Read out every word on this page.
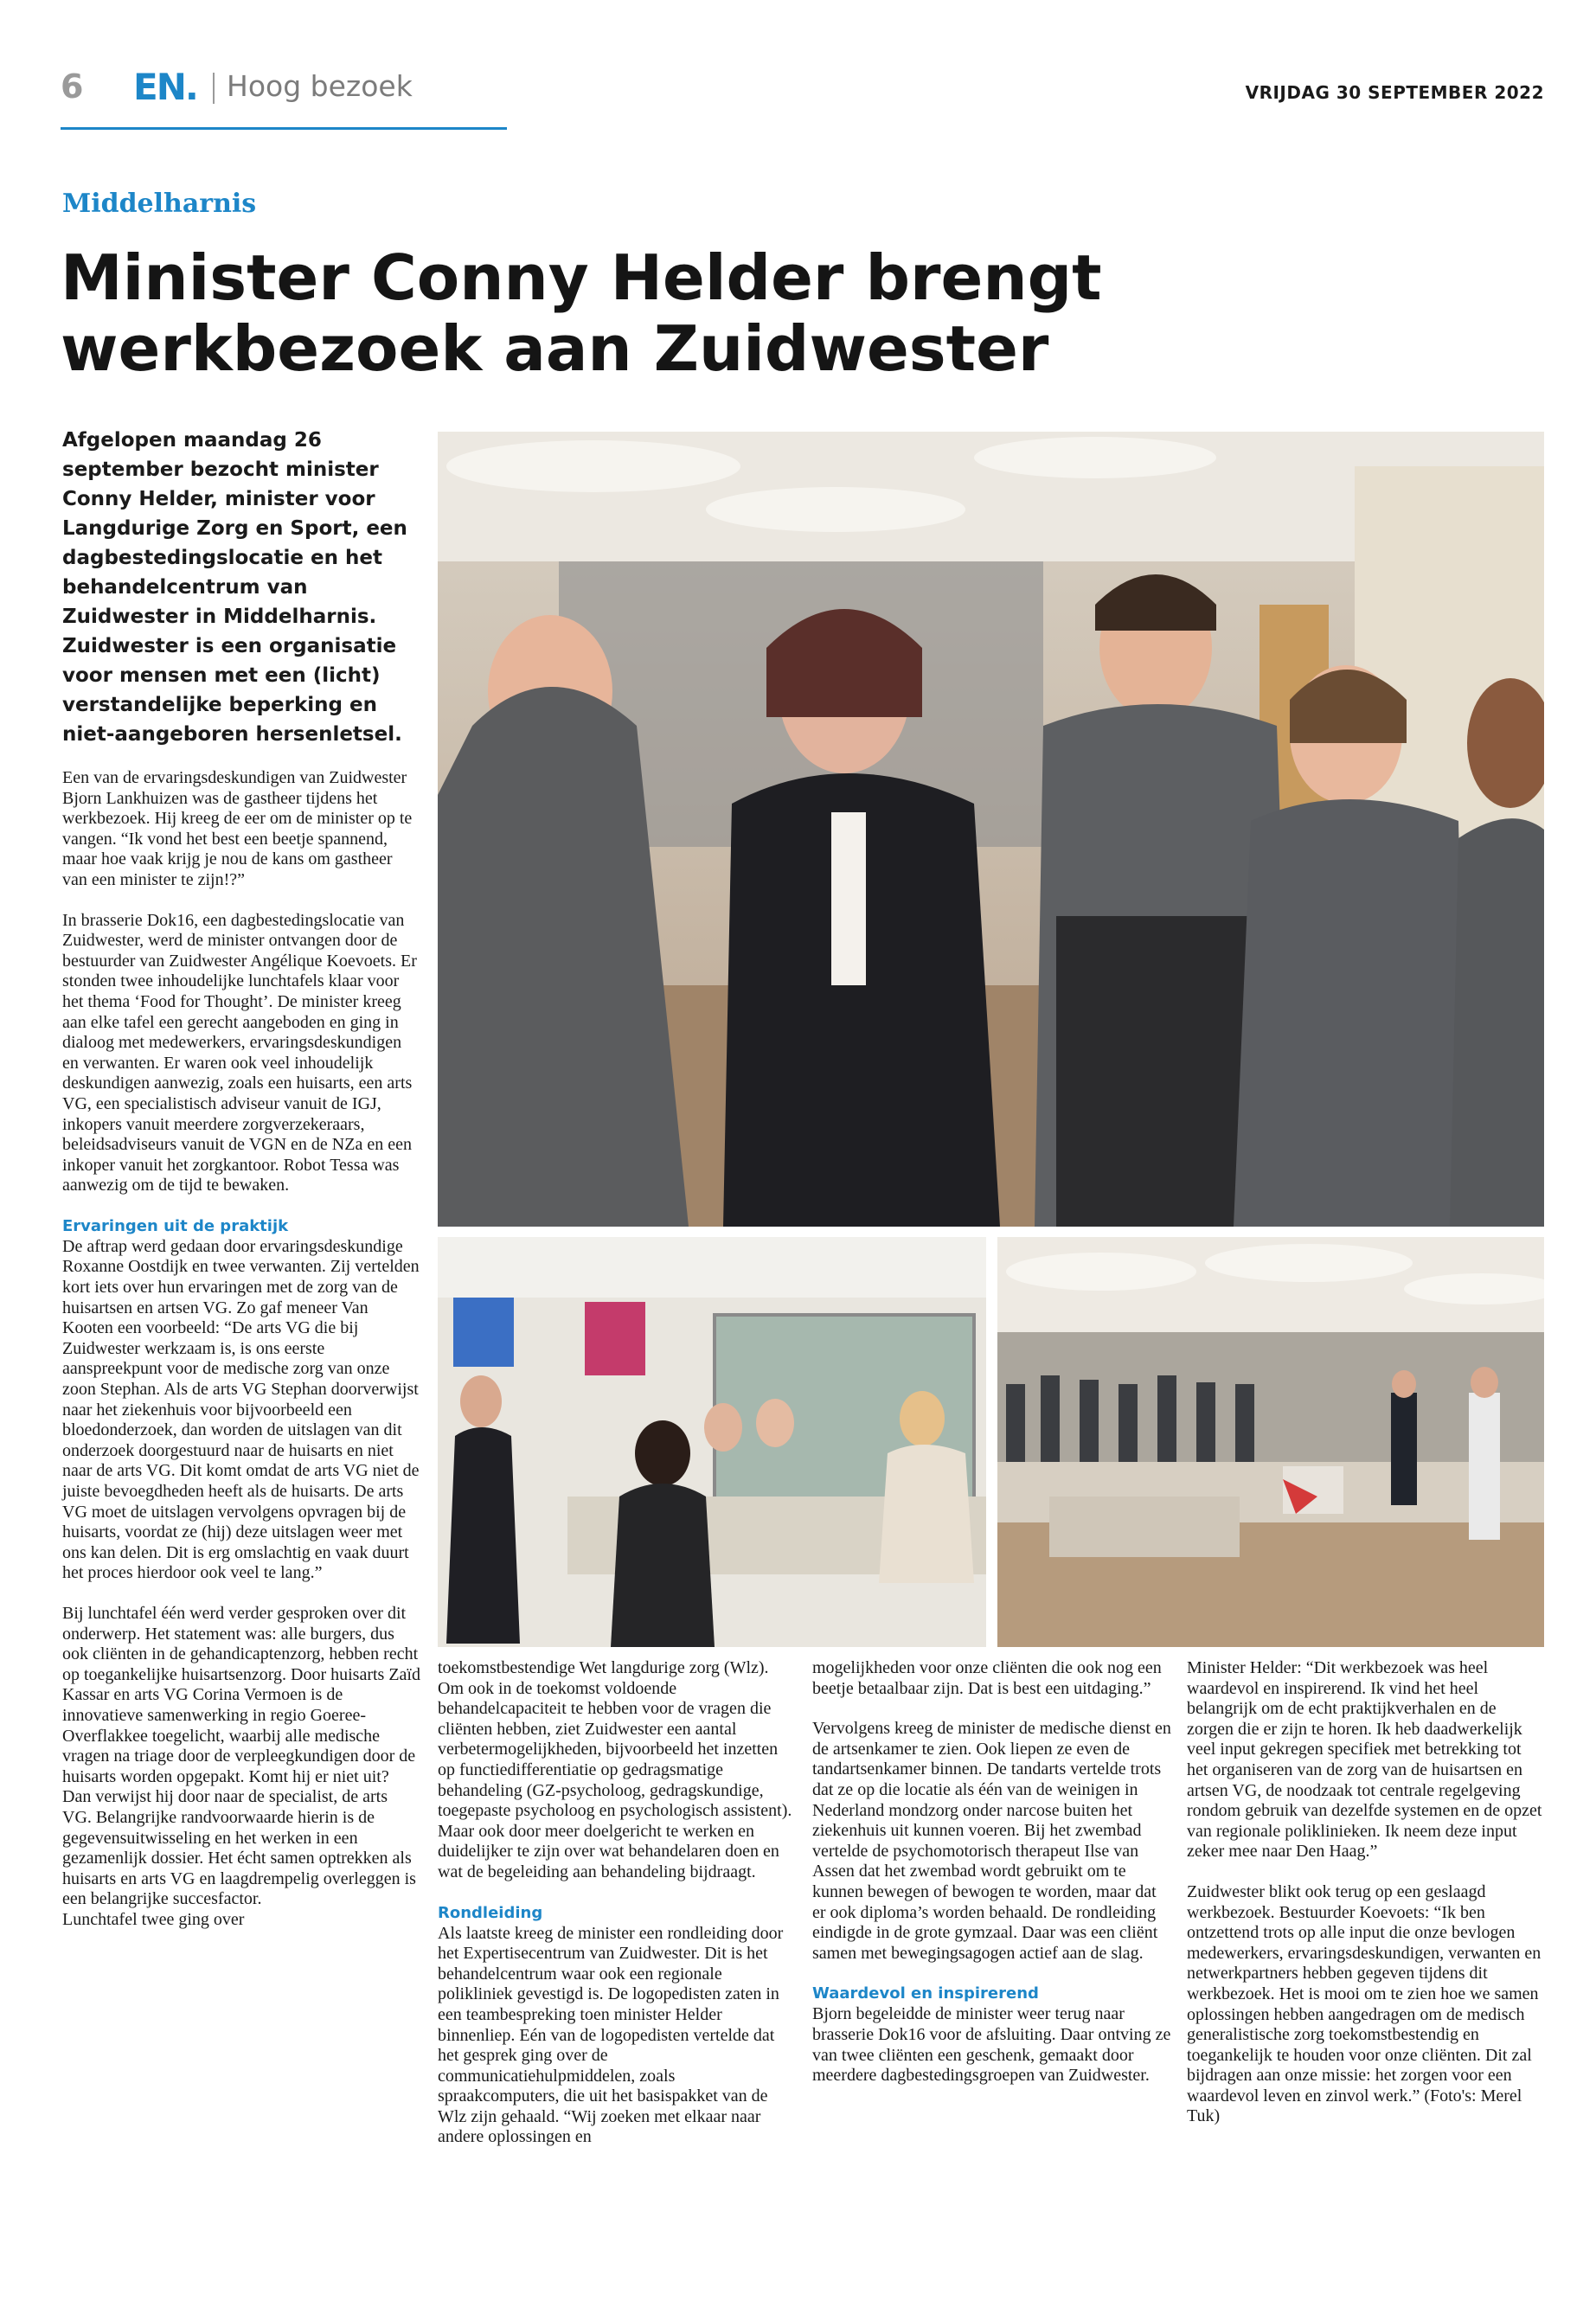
6 EN. Hoog bezoek	VRIJDAG 30 SEPTEMBER 2022
Middelharnis
Minister Conny Helder brengt werkbezoek aan Zuidwester

Afgelopen maandag 26 september bezocht minister Conny Helder, minister voor Langdurige Zorg en Sport, een dagbestedingslocatie en het behandelcentrum van Zuidwester in Middelharnis. Zuidwester is een organisatie voor mensen met een (licht) verstandelijke beperking en niet-aangeboren hersenletsel.

Een van de ervaringsdeskundigen van Zuidwester Bjorn Lankhuizen was de gastheer tijdens het werkbezoek. Hij kreeg de eer om de minister op te vangen. “Ik vond het best een beetje spannend, maar hoe vaak krijg je nou de kans om gastheer van een minister te zijn!?”

In brasserie Dok16, een dagbestedingslocatie van Zuidwester, werd de minister ontvangen door de bestuurder van Zuidwester Angélique Koevoets. Er stonden twee inhoudelijke lunchtafels klaar voor het thema ‘Food for Thought’. De minister kreeg aan elke tafel een gerecht aangeboden en ging in dialoog met medewerkers, ervaringsdeskundigen en verwanten. Er waren ook veel inhoudelijk deskundigen aanwezig, zoals een huisarts, een arts VG, een specialistisch adviseur vanuit de IGJ, inkopers vanuit meerdere zorgverzekeraars, beleidsadviseurs vanuit de VGN en de NZa en een inkoper vanuit het zorgkantoor. Robot Tessa was aanwezig om de tijd te bewaken.

Ervaringen uit de praktijk

De aftrap werd gedaan door ervaringsdeskundige Roxanne Oostdijk en twee verwanten. Zij vertelden kort iets over hun ervaringen met de zorg van de huisartsen en artsen VG. Zo gaf meneer Van Kooten een voorbeeld: “De arts VG die bij Zuidwester werkzaam is, is ons eerste aanspreekpunt voor de medische zorg van onze zoon Stephan. Als de arts VG Stephan doorverwijst naar het ziekenhuis voor bijvoorbeeld een bloedonderzoek, dan worden de uitslagen van dit onderzoek doorgestuurd naar de huisarts en niet naar de arts VG. Dit komt omdat de arts VG niet de juiste bevoegdheden heeft als de huisarts. De arts VG moet de uitslagen vervolgens opvragen bij de huisarts, voordat ze (hij) deze uitslagen weer met ons kan delen. Dit is erg omslachtig en vaak duurt het proces hierdoor ook veel te lang.”

Bij lunchtafel één werd verder gesproken over dit onderwerp. Het statement was: alle burgers, dus ook cliënten in de gehandicaptenzorg, hebben recht op toegankelijke huisartsenzorg. Door huisarts Zaïd Kassar en arts VG Corina Vermoen is de innovatieve samenwerking in regio Goeree-Overflakkee toegelicht, waarbij alle medische vragen na triage door de verpleegkundigen door de huisarts worden opgepakt. Komt hij er niet uit? Dan verwijst hij door naar de specialist, de arts VG. Belangrijke randvoorwaarde hierin is de gegevensuitwisseling en het werken in een gezamenlijk dossier. Het écht samen optrekken als huisarts en arts VG en laagdrempelig overleggen is een belangrijke succesfactor.

Lunchtafel twee ging over

toekomstbestendige Wet langdurige zorg (Wlz). Om ook in de toekomst voldoende behandelcapaciteit te hebben voor de vragen die cliënten hebben, ziet Zuidwester een aantal verbetermogelijkheden, bijvoorbeeld het inzetten op functiedifferentiatie op gedragsmatige behandeling (GZ-psycholoog, gedragskundige, toegepaste psycholoog en psychologisch assistent). Maar ook door meer doelgericht te werken en duidelijker te zijn over wat behandelaren doen en wat de begeleiding aan behandeling bijdraagt.

Rondleiding

Als laatste kreeg de minister een rondleiding door het Expertisecentrum van Zuidwester. Dit is het behandelcentrum waar ook een regionale polikliniek gevestigd is. De logopedisten zaten in een teambespreking toen minister Helder binnenliep. Eén van de logopedisten vertelde dat het gesprek ging over de communicatiehulpmiddelen, zoals spraakcomputers, die uit het basispakket van de Wlz zijn gehaald. “Wij zoeken met elkaar naar andere oplossingen en

mogelijkheden voor onze cliënten die ook nog een beetje betaalbaar zijn. Dat is best een uitdaging.”

Vervolgens kreeg de minister de medische dienst en de artsenkamer te zien. Ook liepen ze even de tandartsenkamer binnen. De tandarts vertelde trots dat ze op die locatie als één van de weinigen in Nederland mondzorg onder narcose buiten het ziekenhuis uit kunnen voeren. Bij het zwembad vertelde de psychomotorisch therapeut Ilse van Assen dat het zwembad wordt gebruikt om te kunnen bewegen of bewogen te worden, maar dat er ook diploma’s worden behaald. De rondleiding eindigde in de grote gymzaal. Daar was een cliënt samen met bewegingsagogen actief aan de slag.

Waardevol en inspirerend

Bjorn begeleidde de minister weer terug naar brasserie Dok16 voor de afsluiting. Daar ontving ze van twee cliënten een geschenk, gemaakt door meerdere dagbestedingsgroepen van Zuidwester.

Minister Helder: “Dit werkbezoek was heel waardevol en inspirerend. Ik vind het heel belangrijk om de echt praktijkverhalen en de zorgen die er zijn te horen. Ik heb daadwerkelijk veel input gekregen specifiek met betrekking tot het organiseren van de zorg van de huisartsen en artsen VG, de noodzaak tot centrale regelgeving rondom gebruik van dezelfde systemen en de opzet van regionale poliklinieken. Ik neem deze input zeker mee naar Den Haag.”

Zuidwester blikt ook terug op een geslaagd werkbezoek. Bestuurder Koevoets: “Ik ben ontzettend trots op alle input die onze bevlogen medewerkers, ervaringsdeskundigen, verwanten en netwerkpartners hebben gegeven tijdens dit werkbezoek. Het is mooi om te zien hoe we samen oplossingen hebben aangedragen om de medisch generalistische zorg toekomstbestendig en toegankelijk te houden voor onze cliënten. Dit zal bijdragen aan onze missie: het zorgen voor een waardevol leven en zinvol werk.” (Foto's: Merel Tuk)
